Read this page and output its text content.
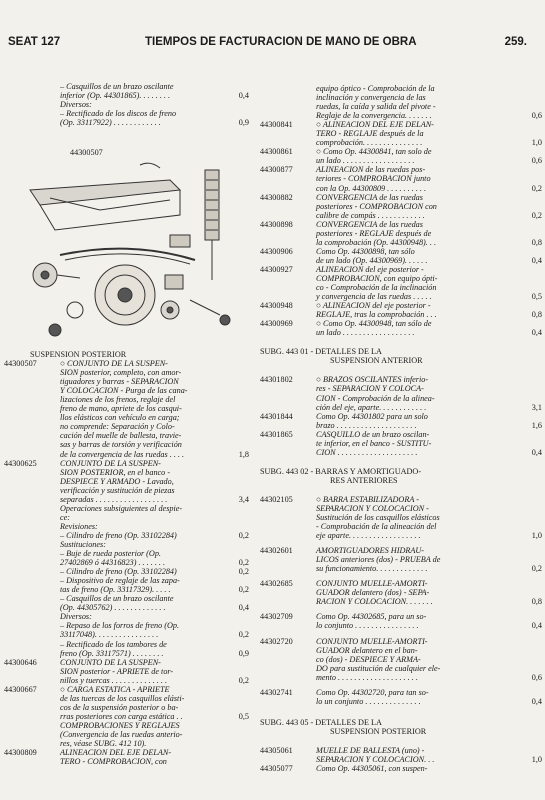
SEAT 127	TIEMPOS DE FACTURACION DE MANO DE OBRA	259.
– Casquillos de un brazo oscilante
inferior (Op. 44301865). . . . . . . .	0,4
Diversos:
– Rectificado de los discos de freno
(Op. 33117922) . . . . . . . . . . . .	0,9
44300507
SUSPENSION POSTERIOR
44300507	○ CONJUNTO DE LA SUSPEN-
SION posterior, completo, con amor-
tiguadores y barras - SEPARACION
Y COLOCACION - Purga de las cana-
lizaciones de los frenos, reglaje del
freno de mano, apriete de los casqui-
llos elásticos con vehículo en carga;
no comprende: Separación y Colo-
cación del muelle de ballesta, travie-
sas y barras de torsión y verificación
de la convergencia de las ruedas . . . .	1,8
44300625	CONJUNTO DE LA SUSPEN-
SION POSTERIOR, en el banco -
DESPIECE Y ARMADO - Lavado,
verificación y sustitución de piezas
separadas . . . . . . . . . . . . . . . . . .	3,4
Operaciones subsiguientes al despie-
ce:
Revisiones:
– Cilindro de freno (Op. 33102284)	0,2
Sustituciones:
– Buje de rueda posterior (Op.
27402869 ó 44316823) . . . . . . .	0,2
– Cilindro de freno (Op. 33102284)	0,2
– Dispositivo de reglaje de las zapa-
tas de freno (Op. 33117329). . . . .	0,2
– Casquillos de un brazo oscilante
(Op. 44305762) . . . . . . . . . . . . .	0,4
Diversos:
– Repaso de los forros de freno (Op.
33117048). . . . . . . . . . . . . . . .	0,2
– Rectificado de los tambores de
freno (Op. 33117571) . . . . . . . .	0,9
44300646	CONJUNTO DE LA SUSPEN-
SION posterior - APRIETE de tor-
nillos y tuercas . . . . . . . . . . . . . .	0,2
44300667	○ CARGA ESTATICA - APRIETE
de las tuercas de los casquillos elásti-
cos de la suspensión posterior o ba-
rras posteriores con carga estática . .	0,5
COMPROBACIONES Y REGLAJES
(Convergencia de las ruedas anterio-
res, véase SUBG. 412 10).
44300809	ALINEACION DEL EJE DELAN-
TERO - COMPROBACION, con
equipo óptico - Comprobación de la
inclinación y convergencia de las
ruedas, la caída y salida del pivote -
Reglaje de la convergencia. . . . . . .	0,6
44300841	○ ALINEACION DEL EJE DELAN-
TERO - REGLAJE después de la
comprobación. . . . . . . . . . . . . . .	1,0
44300861	○ Como Op. 44300841, tan solo de
un lado . . . . . . . . . . . . . . . . . .	0,6
44300877	ALINEACION de las ruedas pos-
teriores - COMPROBACION junto
con la Op. 44300809 . . . . . . . . . .	0,2
44300882	CONVERGENCIA de las ruedas
posteriores - COMPROBACION con
calibre de compás . . . . . . . . . . . .	0,2
44300898	CONVERGENCIA de las ruedas
posteriores - REGLAJE después de
la comprobación (Op. 44300948). . .	0,8
44300906	Como Op. 44300898, tan sólo
de un lado (Op. 44300969). . . . . .	0,4
44300927	ALINEACION del eje posterior -
COMPROBACION, con equipo ópti-
co - Comprobación de la inclinación
y convergencia de las ruedas . . . . .	0,5
44300948	○ ALINEACION del eje posterior -
REGLAJE, tras la comprobación . . .	0,8
44300969	○ Como Op. 44300948, tan sólo de
un lado . . . . . . . . . . . . . . . . . .	0,4
SUBG. 443 01 - DETALLES DE LA
SUSPENSION ANTERIOR
44301802	○ BRAZOS OSCILANTES inferio-
res - SEPARACION Y COLOCA-
CION - Comprobación de la alinea-
ción del eje, aparte. . . . . . . . . . . .	3,1
44301844	Como Op. 44301802 para un solo
brazo . . . . . . . . . . . . . . . . . . . .	1,6
44301865	CASQUILLO de un brazo oscilan-
te inferior, en el banco - SUSTITU-
CION . . . . . . . . . . . . . . . . . . . .	0,4
SUBG. 443 02 - BARRAS Y AMORTIGUADO-
RES ANTERIORES
44302105	○ BARRA ESTABILIZADORA -
SEPARACION Y COLOCACION -
Sustitución de los casquillos elásticos
- Comprobación de la alineación del
eje aparte. . . . . . . . . . . . . . . . . .	1,0
44302601	AMORTIGUADORES HIDRAU-
LICOS anteriores (dos) - PRUEBA de
su funcionamiento. . . . . . . . . . . . .	0,2
44302685	CONJUNTO MUELLE-AMORTI-
GUADOR delantero (dos) - SEPA-
RACION Y COLOCACION. . . . . . .	0,8
44302709	Como Op. 44302685, para un so-
lo conjunto . . . . . . . . . . . . . . . .	0,4
44302720	CONJUNTO MUELLE-AMORTI-
GUADOR delantero en el ban-
co (dos) - DESPIECE Y ARMA-
DO para sustitución de cualquier ele-
mento . . . . . . . . . . . . . . . . . . . .	0,6
44302741	Como Op. 44302720, para tan so-
lo un conjunto . . . . . . . . . . . . . .	0,4
SUBG. 443 05 - DETALLES DE LA
SUSPENSION POSTERIOR
44305061	MUELLE DE BALLESTA (uno) -
SEPARACION Y COLOCACION. . .	1,0
44305077	Como Op. 44305061, con suspen-
